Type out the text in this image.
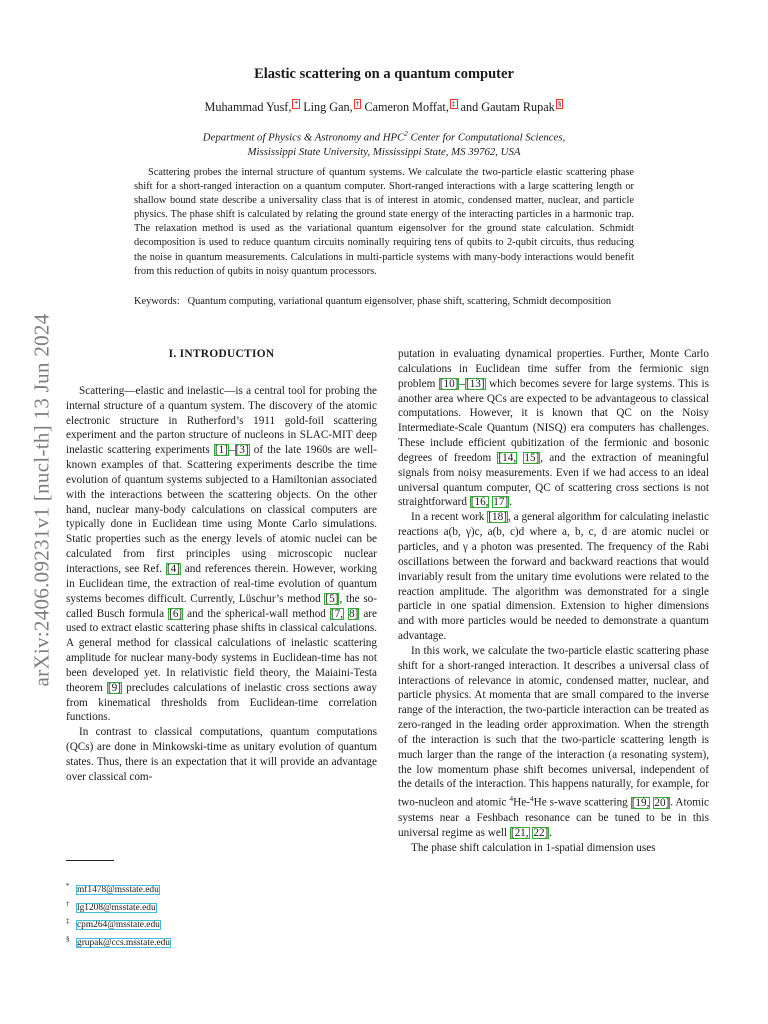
arXiv:2406.09231v1 [nucl-th] 13 Jun 2024
Elastic scattering on a quantum computer
Muhammad Yusf, * Ling Gan, † Cameron Moffat, ‡ and Gautam Rupak §
Department of Physics & Astronomy and HPC$^2$ Center for Computational Sciences,
Mississippi State University, Mississippi State, MS 39762, USA

Scattering probes the internal structure of quantum systems. We calculate the two-particle elastic scattering phase shift for a short-ranged interaction on a quantum computer. Short-ranged interactions with a large scattering length or shallow bound state describe a universality class that is of interest in atomic, condensed matter, nuclear, and particle physics. The phase shift is calculated by relating the ground state energy of the interacting particles in a harmonic trap. The relaxation method is used as the variational quantum eigensolver for the ground state calculation. Schmidt decomposition is used to reduce quantum circuits nominally requiring tens of qubits to 2-qubit circuits, thus reducing the noise in quantum measurements. Calculations in multi-particle systems with many-body interactions would benefit from this reduction of qubits in noisy quantum processors.

Keywords: Quantum computing, variational quantum eigensolver, phase shift, scattering, Schmidt decomposition

I. INTRODUCTION

Scattering—elastic and inelastic—is a central tool for probing the internal structure of a quantum system. The discovery of the atomic electronic structure in Rutherford’s 1911 gold-foil scattering experiment and the parton structure of nucleons in SLAC-MIT deep inelastic scattering experiments [1]–[3] of the late 1960s are well-known examples of that. Scattering experiments describe the time evolution of quantum systems subjected to a Hamiltonian associated with the interactions between the scattering objects. On the other hand, nuclear many-body calculations on classical computers are typically done in Euclidean time using Monte Carlo simulations. Static properties such as the energy levels of atomic nuclei can be calculated from first principles using microscopic nuclear interactions, see Ref. [4] and references therein. However, working in Euclidean time, the extraction of real-time evolution of quantum systems becomes difficult. Currently, Lüschur’s method [5], the so-called Busch formula [6] and the spherical-wall method [7, 8] are used to extract elastic scattering phase shifts in classical calculations. A general method for classical calculations of inelastic scattering amplitude for nuclear many-body systems in Euclidean-time has not been developed yet. In relativistic field theory, the Maiaini-Testa theorem [9] precludes calculations of inelastic cross sections away from kinematical thresholds from Euclidean-time correlation functions.

In contrast to classical computations, quantum computations (QCs) are done in Minkowski-time as unitary evolution of quantum states. Thus, there is an expectation that it will provide an advantage over classical com-

putation in evaluating dynamical properties. Further, Monte Carlo calculations in Euclidean time suffer from the fermionic sign problem [10]–[13] which becomes severe for large systems. This is another area where QCs are expected to be advantageous to classical computations. However, it is known that QC on the Noisy Intermediate-Scale Quantum (NISQ) era computers has challenges. These include efficient qubitization of the fermionic and bosonic degrees of freedom [14, 15], and the extraction of meaningful signals from noisy measurements. Even if we had access to an ideal universal quantum computer, QC of scattering cross sections is not straightforward [16, 17].

In a recent work [18], a general algorithm for calculating inelastic reactions a(b, γ)c, a(b, c)d where a, b, c, d are atomic nuclei or particles, and γ a photon was presented. The frequency of the Rabi oscillations between the forward and backward reactions that would invariably result from the unitary time evolutions were related to the reaction amplitude. The algorithm was demonstrated for a single particle in one spatial dimension. Extension to higher dimensions and with more particles would be needed to demonstrate a quantum advantage.

In this work, we calculate the two-particle elastic scattering phase shift for a short-ranged interaction. It describes a universal class of interactions of relevance in atomic, condensed matter, nuclear, and particle physics. At momenta that are small compared to the inverse range of the interaction, the two-particle interaction can be treated as zero-ranged in the leading order approximation. When the strength of the interaction is such that the two-particle scattering length is much larger than the range of the interaction (a resonating system), the low momentum phase shift becomes universal, independent of the details of the interaction. This happens naturally, for example, for two-nucleon and atomic $^4$He-$^4$He s-wave scattering [19, 20]. Atomic systems near a Feshbach resonance can be tuned to be in this universal regime as well [21, 22].

The phase shift calculation in 1-spatial dimension uses

* mf1478@msstate.edu
† lg1208@msstate.edu
‡ cpm264@msstate.edu
§ grupak@ccs.msstate.edu
